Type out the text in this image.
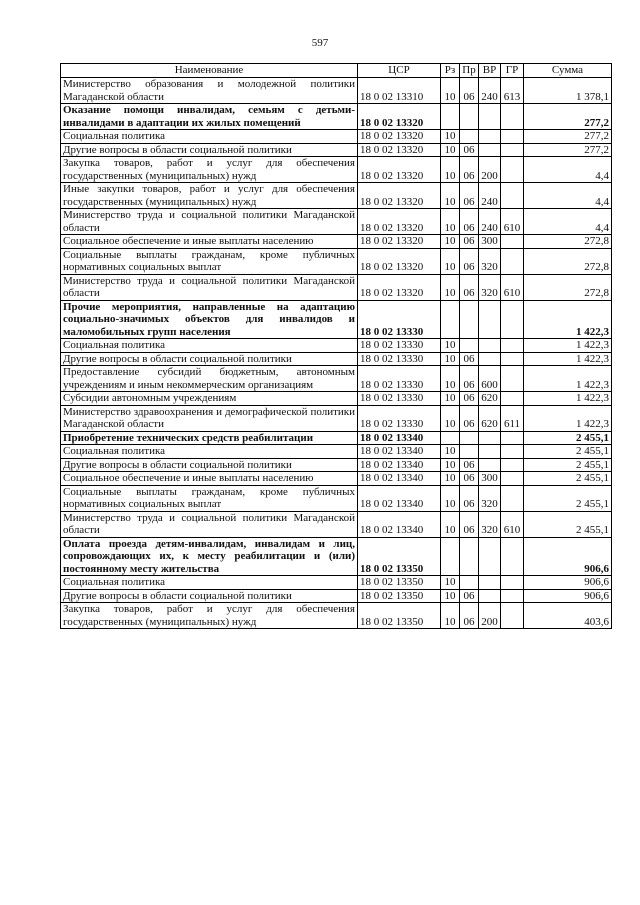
597
Наименование	ЦСР	Рз	Пр	ВР	ГР	Сумма
Министерство образования и молодежной политики Магаданской области	18 0 02 13310	10	06	240	613	1 378,1
Оказание помощи инвалидам, семьям с детьми-инвалидами в адаптации их жилых помещений	18 0 02 13320					277,2
Социальная политика	18 0 02 13320	10				277,2
Другие вопросы в области социальной политики	18 0 02 13320	10	06			277,2
Закупка товаров, работ и услуг для обеспечения государственных (муниципальных) нужд	18 0 02 13320	10	06	200		4,4
Иные закупки товаров, работ и услуг для обеспечения государственных (муниципальных) нужд	18 0 02 13320	10	06	240		4,4
Министерство труда и социальной политики Магаданской области	18 0 02 13320	10	06	240	610	4,4
Социальное обеспечение и иные выплаты населению	18 0 02 13320	10	06	300		272,8
Социальные выплаты гражданам, кроме публичных нормативных социальных выплат	18 0 02 13320	10	06	320		272,8
Министерство труда и социальной политики Магаданской области	18 0 02 13320	10	06	320	610	272,8
Прочие мероприятия, направленные на адаптацию социально-значимых объектов для инвалидов и маломобильных групп населения	18 0 02 13330					1 422,3
Социальная политика	18 0 02 13330	10				1 422,3
Другие вопросы в области социальной политики	18 0 02 13330	10	06			1 422,3
Предоставление субсидий бюджетным, автономным учреждениям и иным некоммерческим организациям	18 0 02 13330	10	06	600		1 422,3
Субсидии автономным учреждениям	18 0 02 13330	10	06	620		1 422,3
Министерство здравоохранения и демографической политики Магаданской области	18 0 02 13330	10	06	620	611	1 422,3
Приобретение технических средств реабилитации	18 0 02 13340					2 455,1
Социальная политика	18 0 02 13340	10				2 455,1
Другие вопросы в области социальной политики	18 0 02 13340	10	06			2 455,1
Социальное обеспечение и иные выплаты населению	18 0 02 13340	10	06	300		2 455,1
Социальные выплаты гражданам, кроме публичных нормативных социальных выплат	18 0 02 13340	10	06	320		2 455,1
Министерство труда и социальной политики Магаданской области	18 0 02 13340	10	06	320	610	2 455,1
Оплата проезда детям-инвалидам, инвалидам и лиц, сопровождающих их, к месту реабилитации и (или) постоянному месту жительства	18 0 02 13350					906,6
Социальная политика	18 0 02 13350	10				906,6
Другие вопросы в области социальной политики	18 0 02 13350	10	06			906,6
Закупка товаров, работ и услуг для обеспечения государственных (муниципальных) нужд	18 0 02 13350	10	06	200		403,6
